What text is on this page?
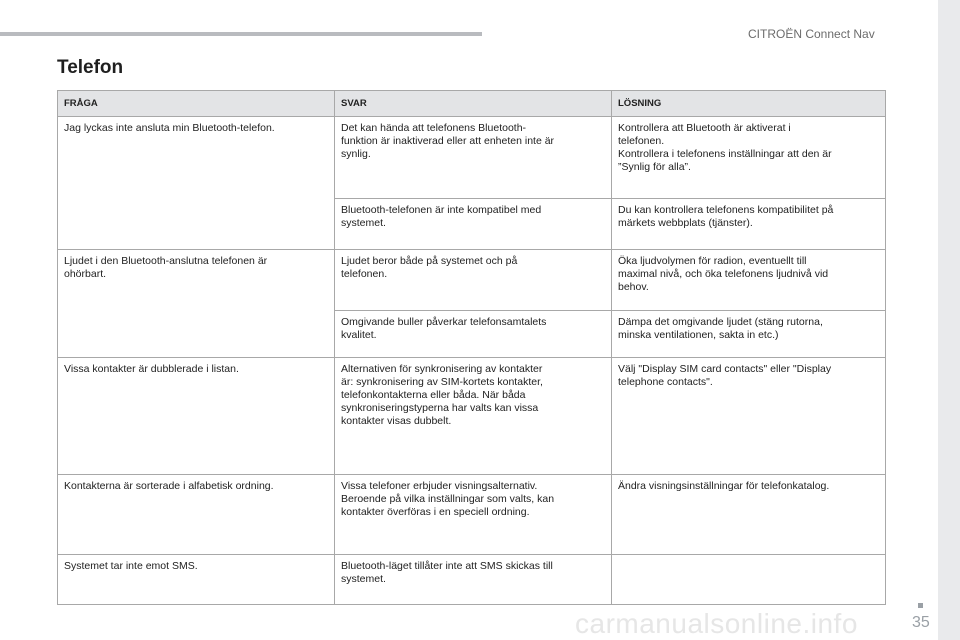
CITROËN Connect Nav
Telefon
FRÅGA	SVAR	LÖSNING

Jag lyckas inte ansluta min Bluetooth-telefon.	Det kan hända att telefonens Bluetooth-
funktion är inaktiverad eller att enheten inte är
synlig.	Kontrollera att Bluetooth är aktiverat i
telefonen.
Kontrollera i telefonens inställningar att den är
”Synlig för alla”.

	Bluetooth-telefonen är inte kompatibel med
systemet.	Du kan kontrollera telefonens kompatibilitet på
märkets webbplats (tjänster).

Ljudet i den Bluetooth-anslutna telefonen är
ohörbart.	Ljudet beror både på systemet och på
telefonen.	Öka ljudvolymen för radion, eventuellt till
maximal nivå, och öka telefonens ljudnivå vid
behov.

	Omgivande buller påverkar telefonsamtalets
kvalitet.	Dämpa det omgivande ljudet (stäng rutorna,
minska ventilationen, sakta in etc.)

Vissa kontakter är dubblerade i listan.	Alternativen för synkronisering av kontakter
är: synkronisering av SIM-kortets kontakter,
telefonkontakterna eller båda. När båda
synkroniseringstyperna har valts kan vissa
kontakter visas dubbelt.	Välj "Display SIM card contacts" eller "Display
telephone contacts".

Kontakterna är sorterade i alfabetisk ordning.	Vissa telefoner erbjuder visningsalternativ.
Beroende på vilka inställningar som valts, kan
kontakter överföras i en speciell ordning.	Ändra visningsinställningar för telefonkatalog.

Systemet tar inte emot SMS.	Bluetooth-läget tillåter inte att SMS skickas till
systemet.	

carmanualsonline.info	35
